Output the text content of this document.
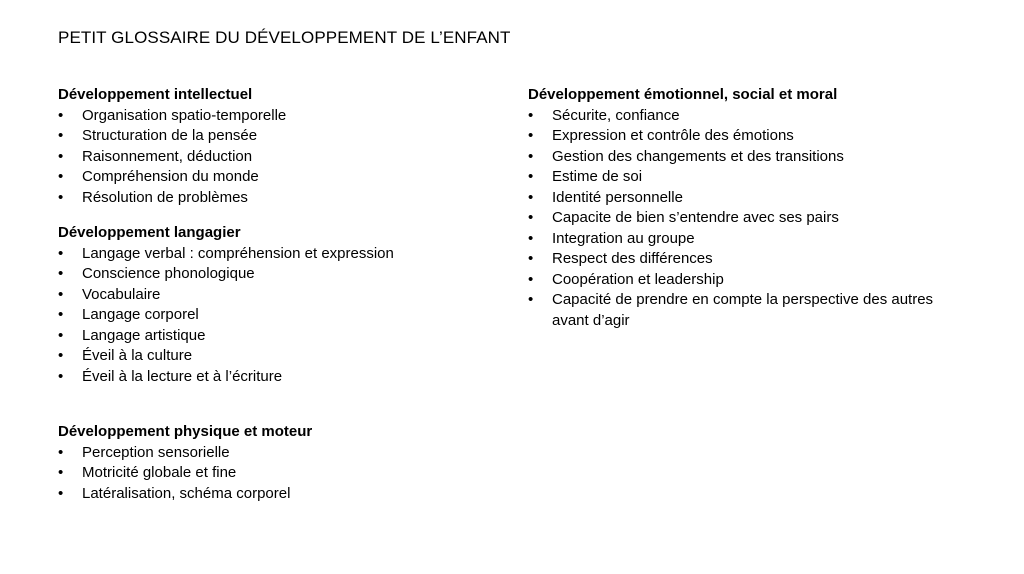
PETIT GLOSSAIRE DU DÉVELOPPEMENT DE L’ENFANT
Développement intellectuel
• Organisation spatio-temporelle
• Structuration de la pensée
• Raisonnement, déduction
• Compréhension du monde
• Résolution de problèmes
Développement langagier
• Langage verbal : compréhension et expression
• Conscience phonologique
• Vocabulaire
• Langage corporel
• Langage artistique
• Éveil à la culture
• Éveil à la lecture et à l’écriture
Développement physique et moteur
• Perception sensorielle
• Motricité globale et fine
• Latéralisation, schéma corporel
Développement émotionnel, social et moral
• Sécurite, confiance
• Expression et contrôle des émotions
• Gestion des changements et des transitions
• Estime de soi
• Identité personnelle
• Capacite de bien s’entendre avec ses pairs
• Integration au groupe
• Respect des différences
• Coopération et leadership
• Capacité de prendre en compte la perspective des autres avant d’agir
